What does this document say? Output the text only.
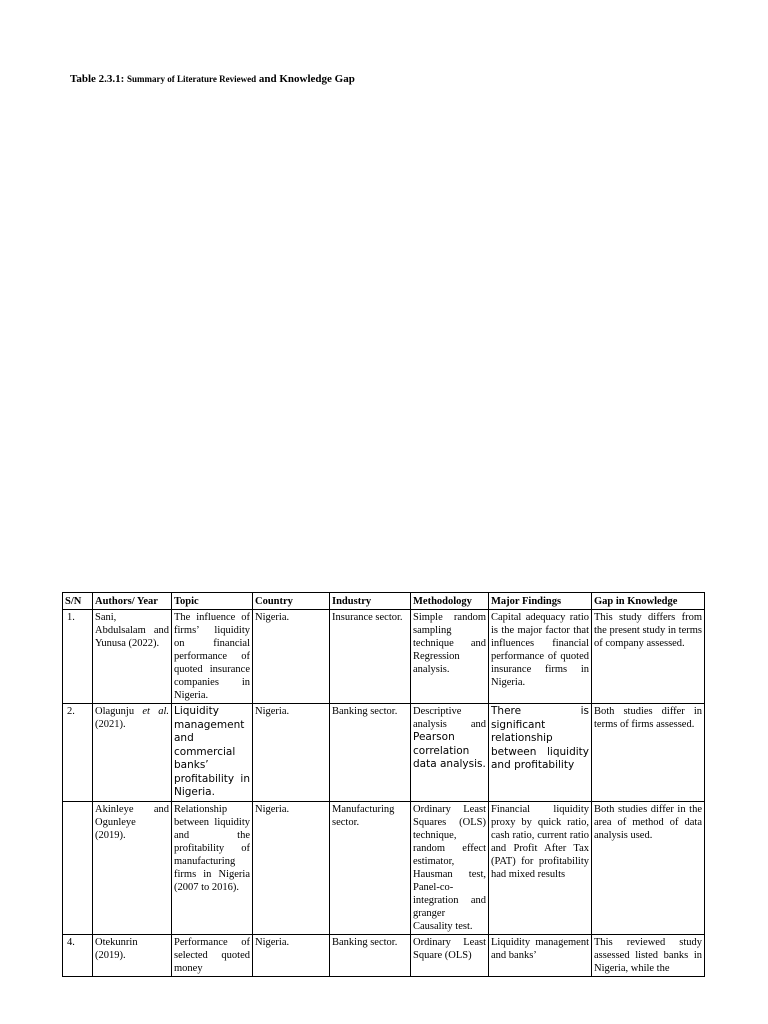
Table 2.3.1: Summary of Literature Reviewed and Knowledge Gap
S/N	Authors/ Year	Topic	Country	Industry	Methodology	Major Findings	Gap in Knowledge
1.	Sani, Abdulsalam and Yunusa (2022).	The influence of firms’ liquidity on financial performance of quoted insurance companies in Nigeria.	Nigeria.	Insurance sector.	Simple random sampling technique and Regression analysis.	Capital adequacy ratio is the major factor that influences financial performance of quoted insurance firms in Nigeria.	This study differs from the present study in terms of company assessed.
2.	Olagunju et al. (2021).	Liquidity management and commercial banks’ profitability in Nigeria.	Nigeria.	Banking sector.	Descriptive analysis and Pearson correlation data analysis.	There is significant relationship between liquidity and profitability	Both studies differ in terms of firms assessed.
	Akinleye and Ogunleye (2019).	Relationship between liquidity and the profitability of manufacturing firms in Nigeria (2007 to 2016).	Nigeria.	Manufacturing sector.	Ordinary Least Squares (OLS) technique, random effect estimator, Hausman test, Panel-co-integration and granger Causality test.	Financial liquidity proxy by quick ratio, cash ratio, current ratio and Profit After Tax (PAT) for profitability had mixed results	Both studies differ in the area of method of data analysis used.
4.	Otekunrin (2019).	Performance of selected quoted money	Nigeria.	Banking sector.	Ordinary Least Square (OLS)	Liquidity management and banks’	This reviewed study assessed listed banks in Nigeria, while the
